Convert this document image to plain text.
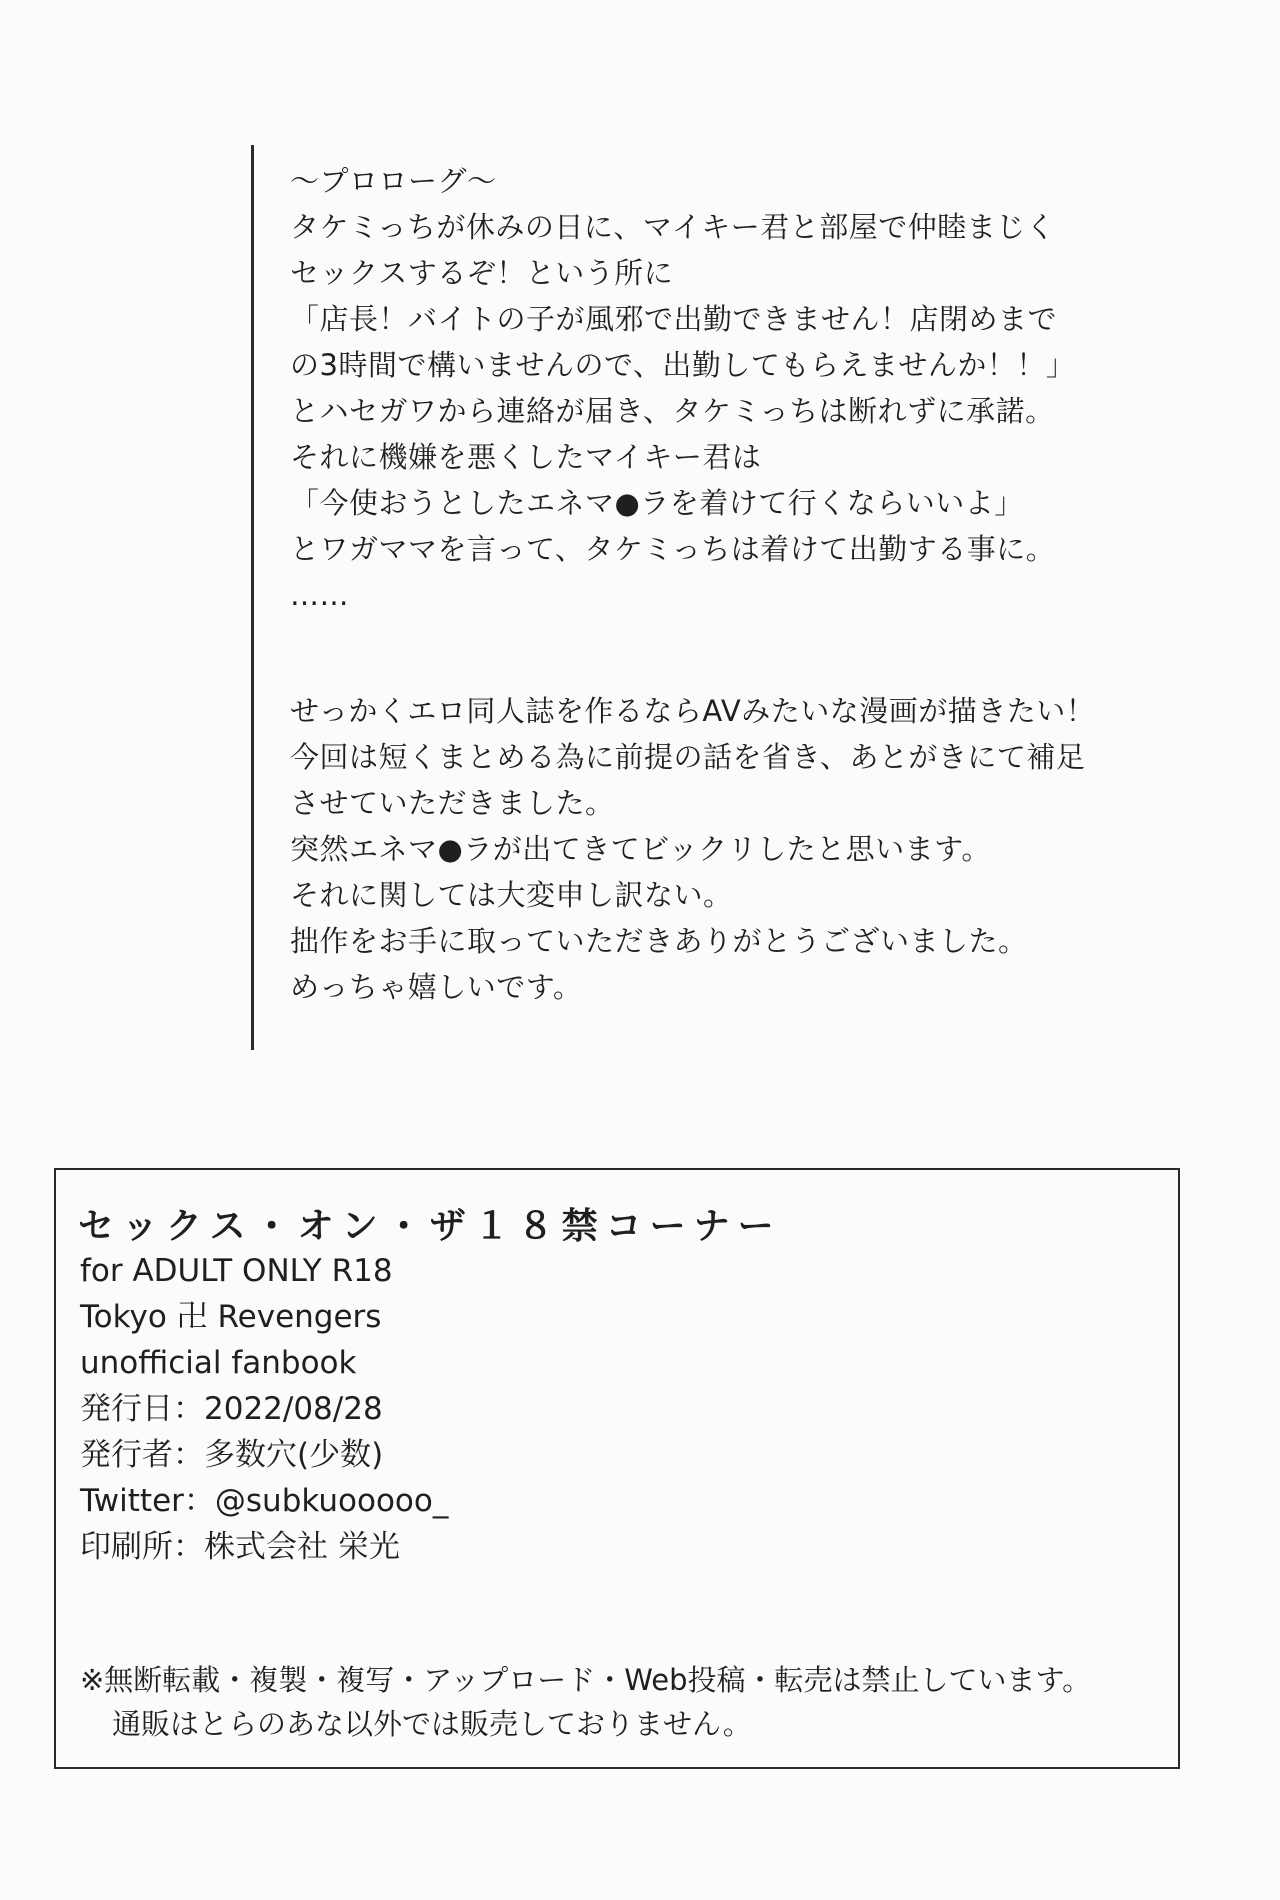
〜プロローグ〜
タケミっちが休みの日に、マイキー君と部屋で仲睦まじく
セックスするぞ！という所に
「店長！バイトの子が風邪で出勤できません！店閉めまで
の3時間で構いませんので、出勤してもらえませんか！！」
とハセガワから連絡が届き、タケミっちは断れずに承諾。
それに機嫌を悪くしたマイキー君は
「今使おうとしたエネマ●ラを着けて行くならいいよ」
とワガママを言って、タケミっちは着けて出勤する事に。
……
せっかくエロ同人誌を作るならAVみたいな漫画が描きたい！
今回は短くまとめる為に前提の話を省き、あとがきにて補足
させていただきました。
突然エネマ●ラが出てきてビックリしたと思います。
それに関しては大変申し訳ない。
拙作をお手に取っていただきありがとうございました。
めっちゃ嬉しいです。
セックス・オン・ザ１８禁コーナー
for ADULT ONLY R18
Tokyo 卍 Revengers
unofficial fanbook
発行日：2022/08/28
発行者：多数穴(少数)
Twitter：@subkuooooo_
印刷所：株式会社 栄光
※無断転載・複製・複写・アップロード・Web投稿・転売は禁止しています。
通販はとらのあな以外では販売しておりません。
